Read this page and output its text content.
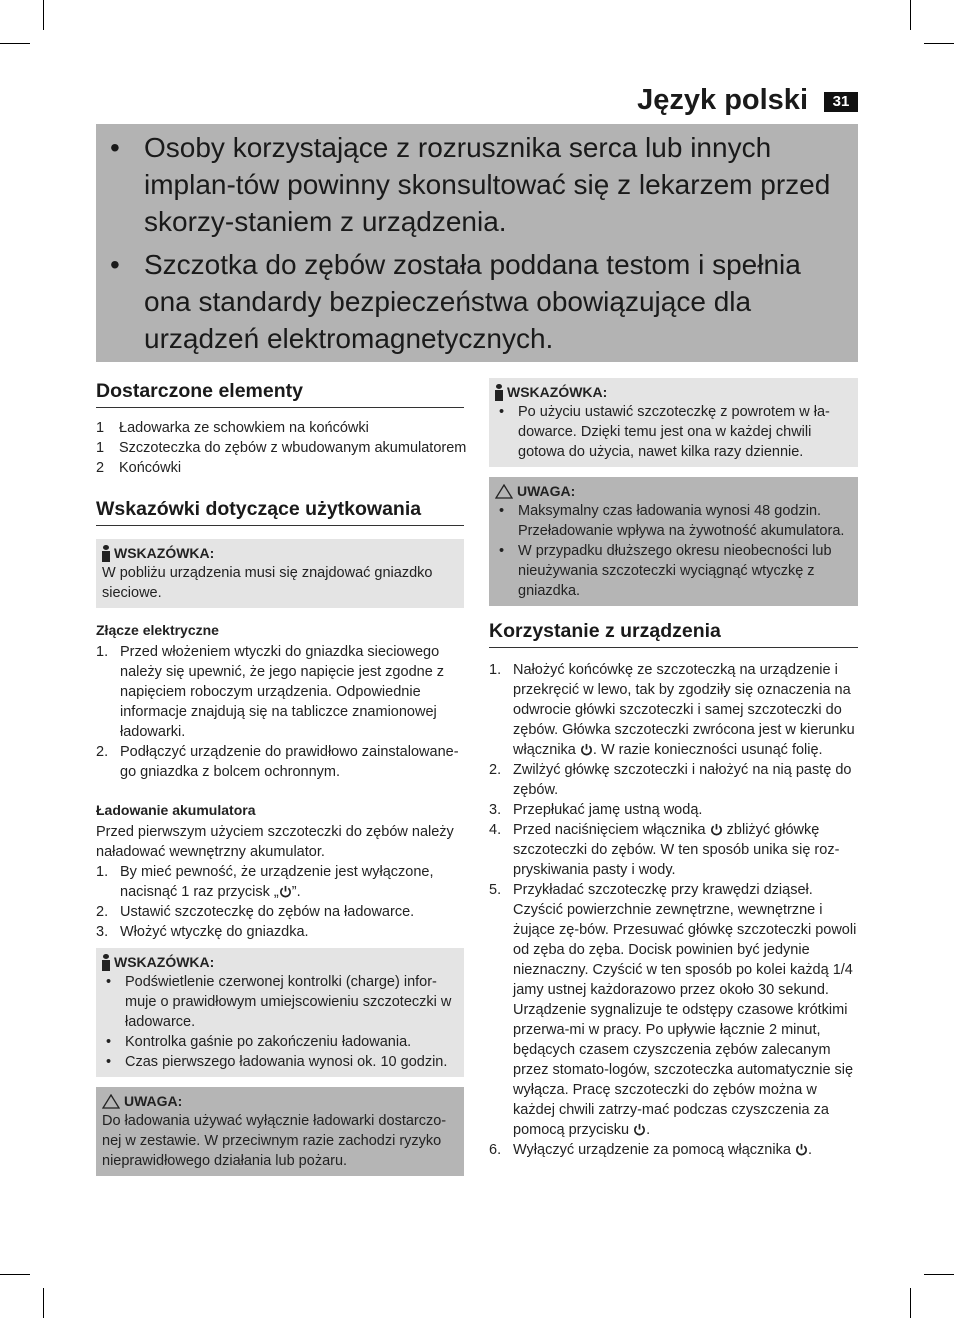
Język polski	31
• Osoby korzystające z rozrusznika serca lub innych implan-tów powinny skonsultować się z lekarzem przed skorzy-staniem z urządzenia.
• Szczotka do zębów została poddana testom i spełnia ona standardy bezpieczeństwa obowiązujące dla urządzeń elektromagnetycznych.
Dostarczone elementy
1 Ładowarka ze schowkiem na końcówki
1 Szczoteczka do zębów z wbudowanym akumulatorem
2 Końcówki
Wskazówki dotyczące użytkowania
WSKAZÓWKA:
W pobliżu urządzenia musi się znajdować gniazdko sieciowe.
Złącze elektryczne
1. Przed włożeniem wtyczki do gniazdka sieciowego należy się upewnić, że jego napięcie jest zgodne z napięciem roboczym urządzenia. Odpowiednie informacje znajdują się na tabliczce znamionowej ładowarki.
2. Podłączyć urządzenie do prawidłowo zainstalowane-go gniazdka z bolcem ochronnym.
Ładowanie akumulatora
Przed pierwszym użyciem szczoteczki do zębów należy naładować wewnętrzny akumulator.
1. By mieć pewność, że urządzenie jest wyłączone, nacisnąć 1 raz przycisk „ ”.
2. Ustawić szczoteczkę do zębów na ładowarce.
3. Włożyć wtyczkę do gniazdka.
WSKAZÓWKA:
• Podświetlenie czerwonej kontrolki (charge) infor-muje o prawidłowym umiejscowieniu szczoteczki w ładowarce.
• Kontrolka gaśnie po zakończeniu ładowania.
• Czas pierwszego ładowania wynosi ok. 10 godzin.
UWAGA:
Do ładowania używać wyłącznie ładowarki dostarczo-nej w zestawie. W przeciwnym razie zachodzi ryzyko nieprawidłowego działania lub pożaru.
WSKAZÓWKA:
• Po użyciu ustawić szczoteczkę z powrotem w ła-dowarce. Dzięki temu jest ona w każdej chwili gotowa do użycia, nawet kilka razy dziennie.
UWAGA:
• Maksymalny czas ładowania wynosi 48 godzin. Przeładowanie wpływa na żywotność akumulatora.
• W przypadku dłuższego okresu nieobecności lub nieużywania szczoteczki wyciągnąć wtyczkę z gniazdka.
Korzystanie z urządzenia
1. Nałożyć końcówkę ze szczoteczką na urządzenie i przekręcić w lewo, tak by zgodziły się oznaczenia na odwrocie główki szczoteczki i samej szczoteczki do zębów. Główka szczoteczki zwrócona jest w kierunku włącznika . W razie konieczności usunąć folię.
2. Zwilżyć główkę szczoteczki i nałożyć na nią pastę do zębów.
3. Przepłukać jamę ustną wodą.
4. Przed naciśnięciem włącznika  zbliżyć główkę szczoteczki do zębów. W ten sposób unika się roz-pryskiwania pasty i wody.
5. Przykładać szczoteczkę przy krawędzi dziąseł. Czyścić powierzchnie zewnętrzne, wewnętrzne i żujące zę-bów. Przesuwać główkę szczoteczki powoli od zęba do zęba. Docisk powinien być jedynie nieznaczny. Czyścić w ten sposób po kolei każdą 1/4 jamy ustnej każdorazowo przez około 30 sekund. Urządzenie sygnalizuje te odstępy czasowe krótkimi przerwa-mi w pracy. Po upływie łącznie 2 minut, będących czasem czyszczenia zębów zalecanym przez stomato-logów, szczoteczka automatycznie się wyłącza. Pracę szczoteczki do zębów można w każdej chwili zatrzy-mać podczas czyszczenia za pomocą przycisku .
6. Wyłączyć urządzenie za pomocą włącznika .
